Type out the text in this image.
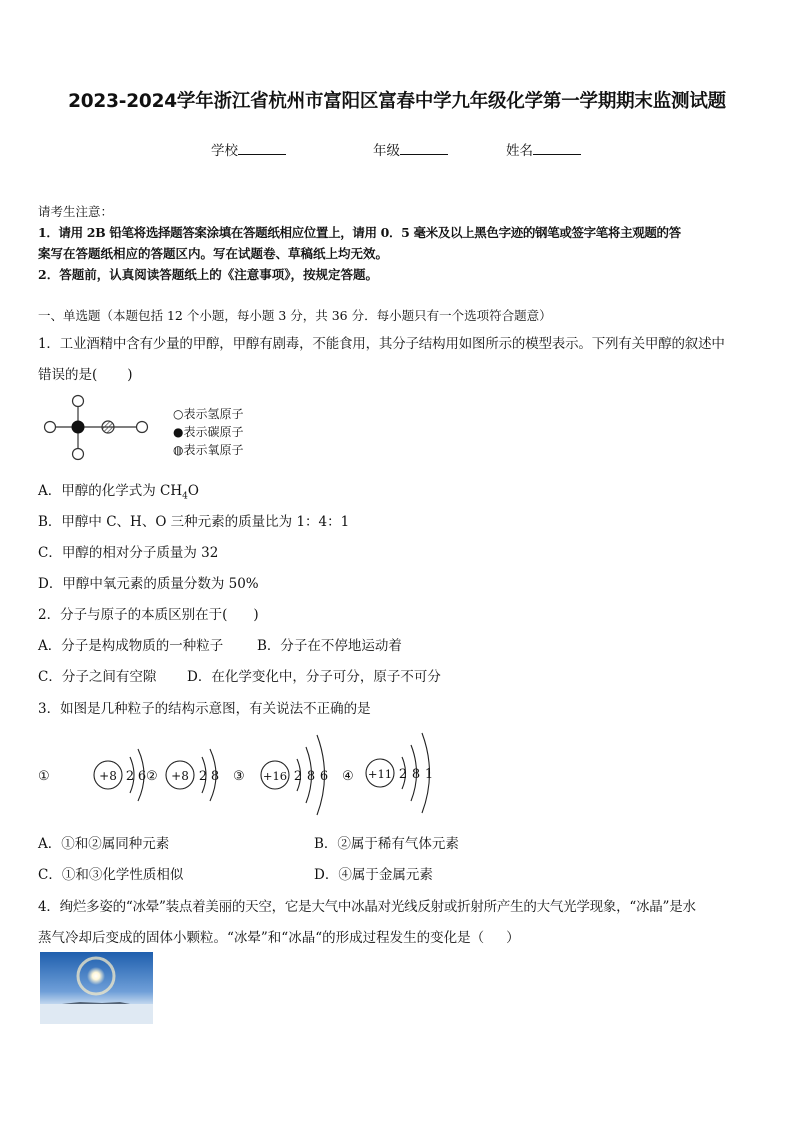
2023-2024学年浙江省杭州市富阳区富春中学九年级化学第一学期期末监测试题
学校	年级	姓名
请考生注意：
1．请用 2B 铅笔将选择题答案涂填在答题纸相应位置上，请用 0．5 毫米及以上黑色字迹的钢笔或签字笔将主观题的答
案写在答题纸相应的答题区内。写在试题卷、草稿纸上均无效。
2．答题前，认真阅读答题纸上的《注意事项》，按规定答题。
一、单选题（本题包括 12 个小题，每小题 3 分，共 36 分．每小题只有一个选项符合题意）
1．工业酒精中含有少量的甲醇，甲醇有剧毒，不能食用，其分子结构用如图所示的模型表示。下列有关甲醇的叙述中
错误的是( )
○表示氢原子
●表示碳原子
◍表示氧原子
A．甲醇的化学式为 $CH_4O$
B．甲醇中 C、H、O 三种元素的质量比为 1：4：1
C．甲醇的相对分子质量为 32
D．甲醇中氧元素的质量分数为 50%
2．分子与原子的本质区别在于( )
A．分子是构成物质的一种粒子	B．分子在不停地运动着
C．分子之间有空隙 D．在化学变化中，分子可分，原子不可分
3．如图是几种粒子的结构示意图，有关说法不正确的是
①	+8 2 6 ② +8 2 8 ③ +16 2 8 6 ④ +11 2 8 1
A．①和②属同种元素	B．②属于稀有气体元素
C．①和③化学性质相似	D．④属于金属元素
4．绚烂多姿的“冰晕”装点着美丽的天空，它是大气中冰晶对光线反射或折射所产生的大气光学现象，“冰晶”是水
蒸气冷却后变成的固体小颗粒。“冰晕”和“冰晶“的形成过程发生的变化是（ ）
